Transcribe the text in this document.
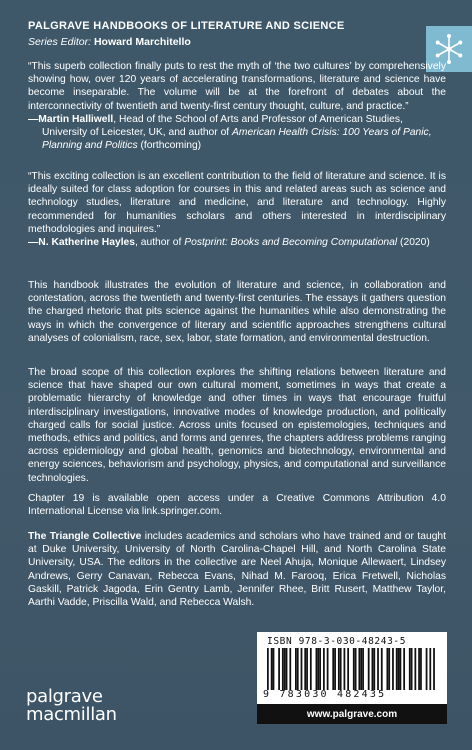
PALGRAVE HANDBOOKS OF LITERATURE AND SCIENCE
Series Editor: Howard Marchitello

“This superb collection finally puts to rest the myth of ‘the two cultures’ by comprehensively showing how, over 120 years of accelerating transformations, literature and science have become inseparable. The volume will be at the forefront of debates about the interconnectivity of twentieth and twenty-first century thought, culture, and practice.”

—Martin Halliwell, Head of the School of Arts and Professor of American Studies, University of Leicester, UK, and author of American Health Crisis: 100 Years of Panic, Planning and Politics (forthcoming)

“This exciting collection is an excellent contribution to the field of literature and science. It is ideally suited for class adoption for courses in this and related areas such as science and technology studies, literature and medicine, and literature and technology. Highly recommended for humanities scholars and others interested in interdisciplinary methodologies and inquires.”

—N. Katherine Hayles, author of Postprint: Books and Becoming Computational (2020)

This handbook illustrates the evolution of literature and science, in collaboration and contestation, across the twentieth and twenty-first centuries. The essays it gathers question the charged rhetoric that pits science against the humanities while also demonstrating the ways in which the convergence of literary and scientific approaches strengthens cultural analyses of colonialism, race, sex, labor, state formation, and environmental destruction.

The broad scope of this collection explores the shifting relations between literature and science that have shaped our own cultural moment, sometimes in ways that create a problematic hierarchy of knowledge and other times in ways that encourage fruitful interdisciplinary investigations, innovative modes of knowledge production, and politically charged calls for social justice. Across units focused on epistemologies, techniques and methods, ethics and politics, and forms and genres, the chapters address problems ranging across epidemiology and global health, genomics and biotechnology, environmental and energy sciences, behaviorism and psychology, physics, and computational and surveillance technologies.

Chapter 19 is available open access under a Creative Commons Attribution 4.0 International License via link.springer.com.

The Triangle Collective includes academics and scholars who have trained and or taught at Duke University, University of North Carolina-Chapel Hill, and North Carolina State University, USA. The editors in the collective are Neel Ahuja, Monique Allewaert, Lindsey Andrews, Gerry Canavan, Rebecca Evans, Nihad M. Farooq, Erica Fretwell, Nicholas Gaskill, Patrick Jagoda, Erin Gentry Lamb, Jennifer Rhee, Britt Rusert, Matthew Taylor, Aarthi Vadde, Priscilla Wald, and Rebecca Walsh.

palgrave
macmillan
ISBN 978-3-030-48243-5
9 783030 482435
www.palgrave.com
